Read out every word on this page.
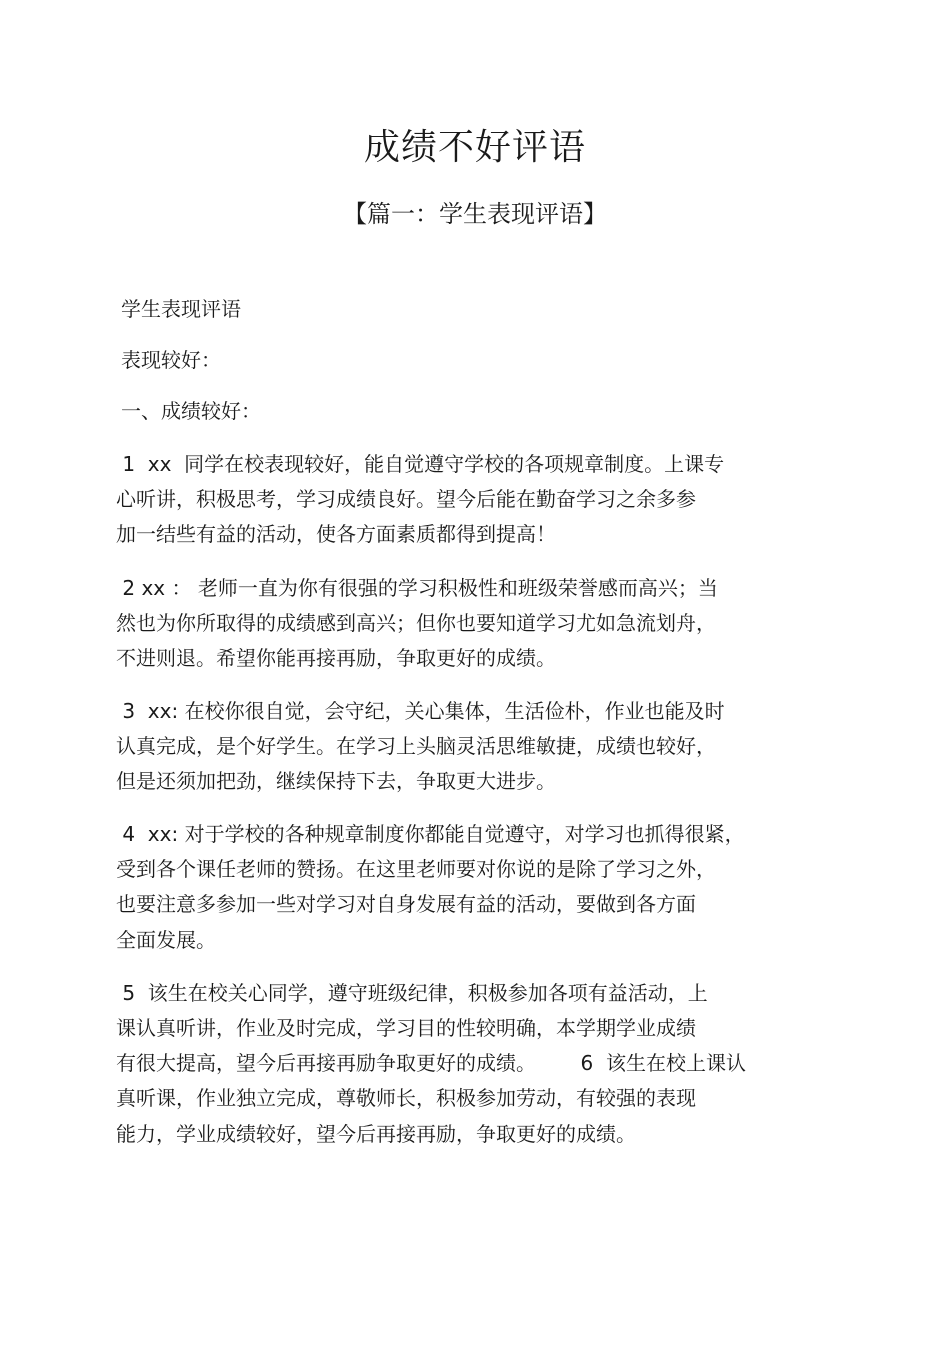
成绩不好评语
【篇一：学生表现评语】
学生表现评语
表现较好：
一、成绩较好：
1  xx  同学在校表现较好，能自觉遵守学校的各项规章制度。上课专
心听讲，积极思考，学习成绩良好。望今后能在勤奋学习之余多参
加一结些有益的活动，使各方面素质都得到提高！
2 xx ： 老师一直为你有很强的学习积极性和班级荣誉感而高兴；当
然也为你所取得的成绩感到高兴；但你也要知道学习尤如急流划舟，
不进则退。希望你能再接再励，争取更好的成绩。
3  xx: 在校你很自觉，会守纪，关心集体，生活俭朴，作业也能及时
认真完成，是个好学生。在学习上头脑灵活思维敏捷，成绩也较好，
但是还须加把劲，继续保持下去，争取更大进步。
4  xx: 对于学校的各种规章制度你都能自觉遵守，对学习也抓得很紧，
受到各个课任老师的赞扬。在这里老师要对你说的是除了学习之外，
也要注意多参加一些对学习对自身发展有益的活动，要做到各方面
全面发展。
5  该生在校关心同学，遵守班级纪律，积极参加各项有益活动，上
课认真听讲，作业及时完成，学习目的性较明确，本学期学业成绩
有很大提高，望今后再接再励争取更好的成绩。       6  该生在校上课认
真听课，作业独立完成，尊敬师长，积极参加劳动，有较强的表现
能力，学业成绩较好，望今后再接再励，争取更好的成绩。
